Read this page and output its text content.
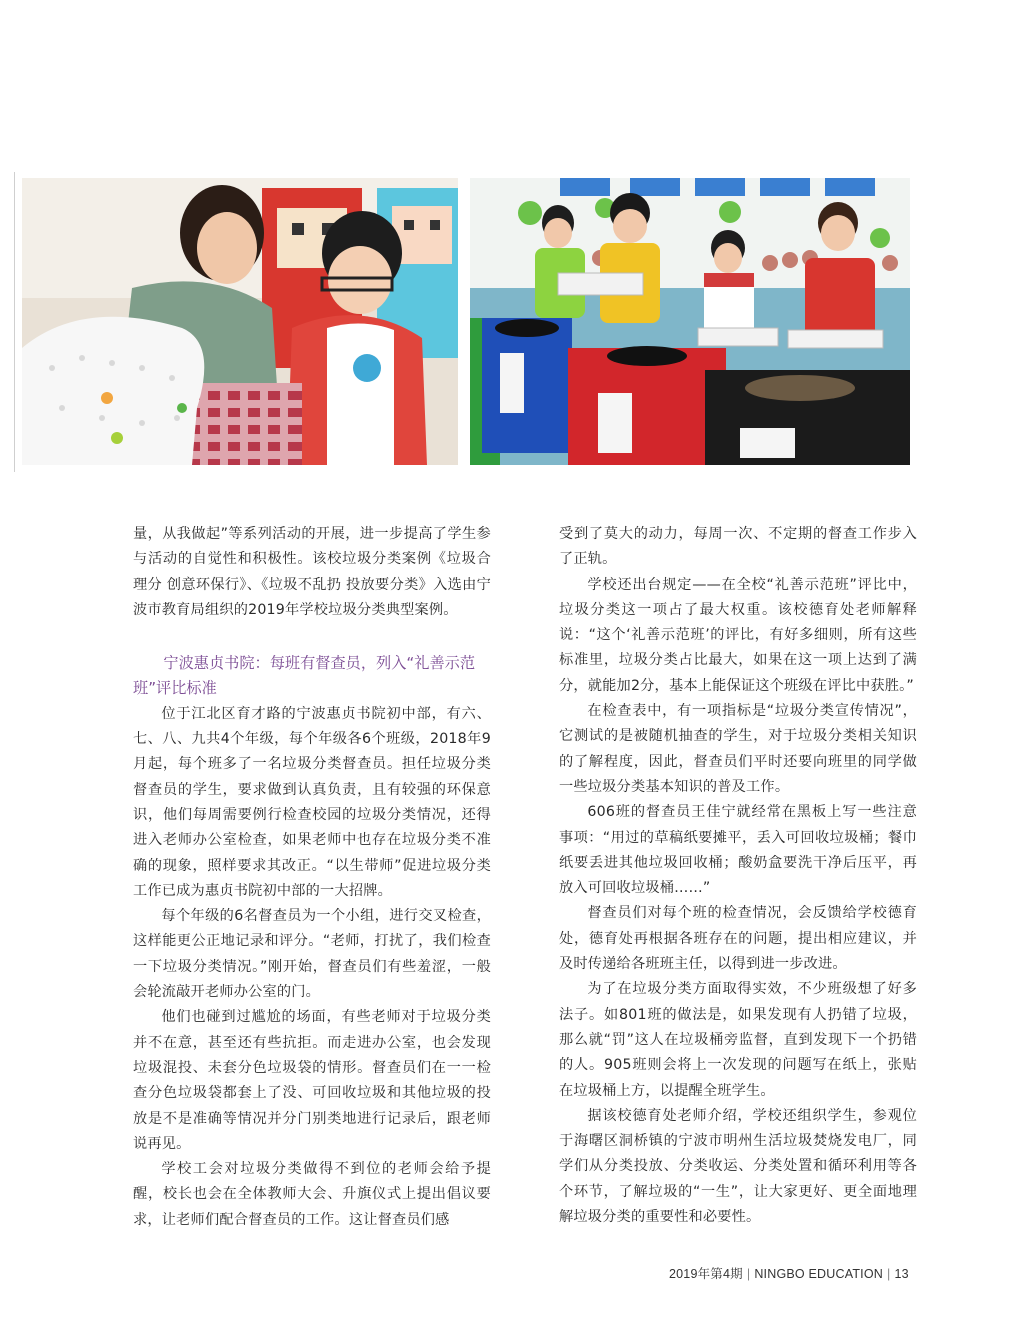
量，从我做起”等系列活动的开展，进一步提高了学生参与活动的自觉性和积极性。该校垃圾分类案例《垃圾合理分 创意环保行》、《垃圾不乱扔 投放要分类》入选由宁波市教育局组织的2019年学校垃圾分类典型案例。

宁波惠贞书院：每班有督查员，列入“礼善示范班”评比标准

位于江北区育才路的宁波惠贞书院初中部，有六、七、八、九共4个年级，每个年级各6个班级，2018年9月起，每个班多了一名垃圾分类督查员。担任垃圾分类督查员的学生，要求做到认真负责，且有较强的环保意识，他们每周需要例行检查校园的垃圾分类情况，还得进入老师办公室检查，如果老师中也存在垃圾分类不准确的现象，照样要求其改正。“以生带师”促进垃圾分类工作已成为惠贞书院初中部的一大招牌。

每个年级的6名督查员为一个小组，进行交叉检查，这样能更公正地记录和评分。“老师，打扰了，我们检查一下垃圾分类情况。”刚开始，督查员们有些羞涩，一般会轮流敲开老师办公室的门。

他们也碰到过尴尬的场面，有些老师对于垃圾分类并不在意，甚至还有些抗拒。而走进办公室，也会发现垃圾混投、未套分色垃圾袋的情形。督查员们在一一检查分色垃圾袋都套上了没、可回收垃圾和其他垃圾的投放是不是准确等情况并分门别类地进行记录后，跟老师说再见。

学校工会对垃圾分类做得不到位的老师会给予提醒，校长也会在全体教师大会、升旗仪式上提出倡议要求，让老师们配合督查员的工作。这让督查员们感

受到了莫大的动力，每周一次、不定期的督查工作步入了正轨。

学校还出台规定——在全校“礼善示范班”评比中，垃圾分类这一项占了最大权重。该校德育处老师解释说：“这个‘礼善示范班’的评比，有好多细则，所有这些标准里，垃圾分类占比最大，如果在这一项上达到了满分，就能加2分，基本上能保证这个班级在评比中获胜。”

在检查表中，有一项指标是“垃圾分类宣传情况”，它测试的是被随机抽查的学生，对于垃圾分类相关知识的了解程度，因此，督查员们平时还要向班里的同学做一些垃圾分类基本知识的普及工作。

606班的督查员王佳宁就经常在黑板上写一些注意事项：“用过的草稿纸要摊平，丢入可回收垃圾桶；餐巾纸要丢进其他垃圾回收桶；酸奶盒要洗干净后压平，再放入可回收垃圾桶……”

督查员们对每个班的检查情况，会反馈给学校德育处，德育处再根据各班存在的问题，提出相应建议，并及时传递给各班班主任，以得到进一步改进。

为了在垃圾分类方面取得实效，不少班级想了好多法子。如801班的做法是，如果发现有人扔错了垃圾，那么就“罚”这人在垃圾桶旁监督，直到发现下一个扔错的人。905班则会将上一次发现的问题写在纸上，张贴在垃圾桶上方，以提醒全班学生。

据该校德育处老师介绍，学校还组织学生，参观位于海曙区洞桥镇的宁波市明州生活垃圾焚烧发电厂，同学们从分类投放、分类收运、分类处置和循环利用等各个环节，了解垃圾的“一生”，让大家更好、更全面地理解垃圾分类的重要性和必要性。

2019年第4期 | NINGBO EDUCATION | 13
